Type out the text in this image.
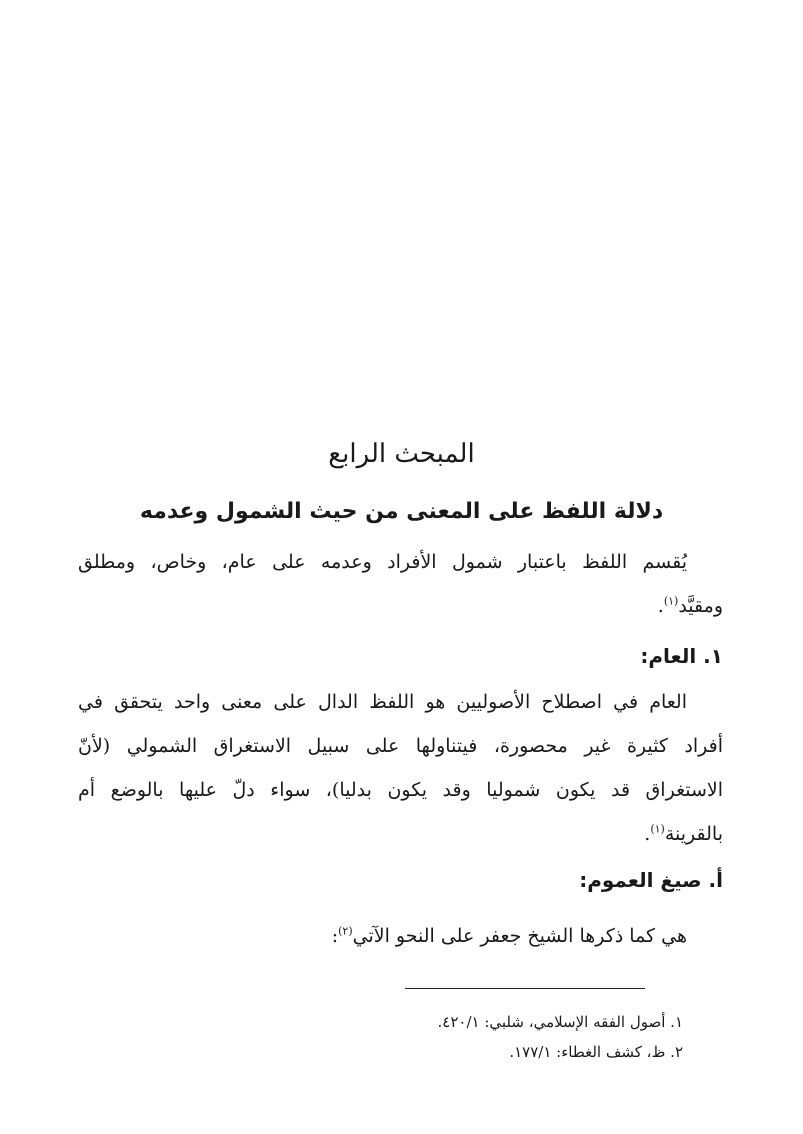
المبحث الرابع
دلالة اللفظ على المعنى من حيث الشمول وعدمه
يُقسم اللفظ باعتبار شمول الأفراد وعدمه على عام، وخاص، ومطلق
ومقيَّد$^{(١)}$.
١. العام:
العام في اصطلاح الأصوليين هو اللفظ الدال على معنى واحد يتحقق في
أفراد كثيرة غير محصورة، فيتناولها على سبيل الاستغراق الشمولي (لأنّ
الاستغراق قد يكون شموليا وقد يكون بدليا)، سواء دلّ عليها بالوضع أم
بالقرينة$^{(١)}$.
أ. صيغ العموم:
هي كما ذكرها الشيخ جعفر على النحو الآتي$^{(٢)}$:
١. أصول الفقه الإسلامي، شلبي: ٤٢٠/١.
٢. ظ، كشف الغطاء: ١٧٧/١.
